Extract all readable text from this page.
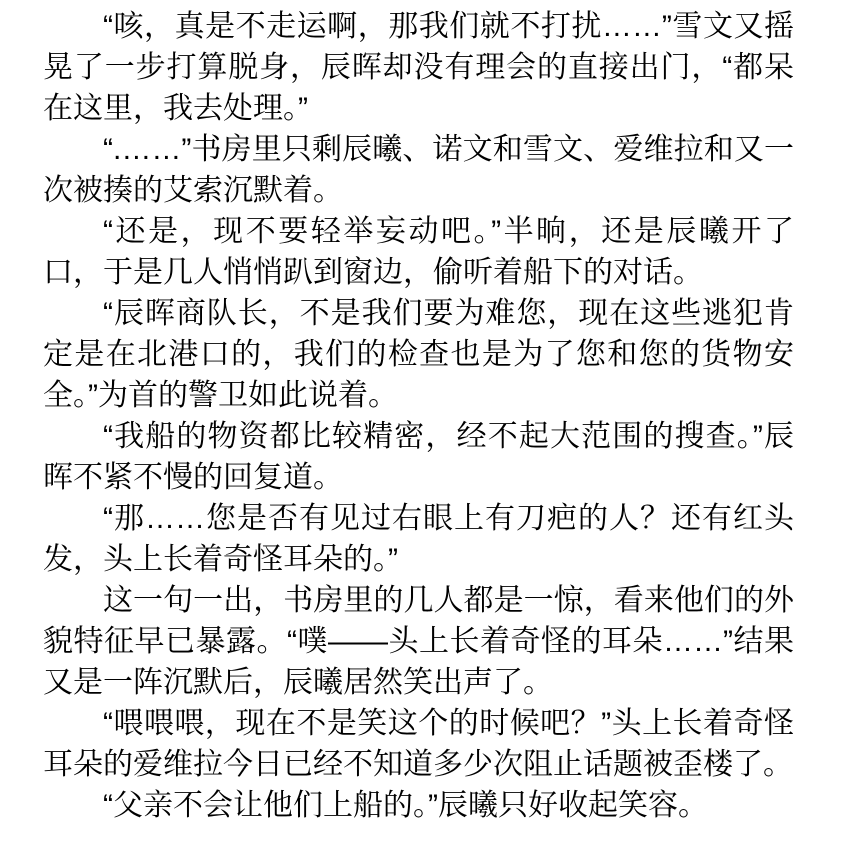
“咳，真是不走运啊，那我们就不打扰……”雪文又摇晃了一步打算脱身，辰晖却没有理会的直接出门，“都呆在这里，我去处理。”

“.……”书房里只剩辰曦、诺文和雪文、爱维拉和又一次被揍的艾索沉默着。

“还是，现不要轻举妄动吧。”半晌，还是辰曦开了口，于是几人悄悄趴到窗边，偷听着船下的对话。

“辰晖商队长，不是我们要为难您，现在这些逃犯肯定是在北港口的，我们的检查也是为了您和您的货物安全。”为首的警卫如此说着。

“我船的物资都比较精密，经不起大范围的搜查。”辰晖不紧不慢的回复道。

“那……您是否有见过右眼上有刀疤的人？还有红头发，头上长着奇怪耳朵的。”

这一句一出，书房里的几人都是一惊，看来他们的外貌特征早已暴露。“噗——头上长着奇怪的耳朵……”结果又是一阵沉默后，辰曦居然笑出声了。

“喂喂喂，现在不是笑这个的时候吧？”头上长着奇怪耳朵的爱维拉今日已经不知道多少次阻止话题被歪楼了。

“父亲不会让他们上船的。”辰曦只好收起笑容。
